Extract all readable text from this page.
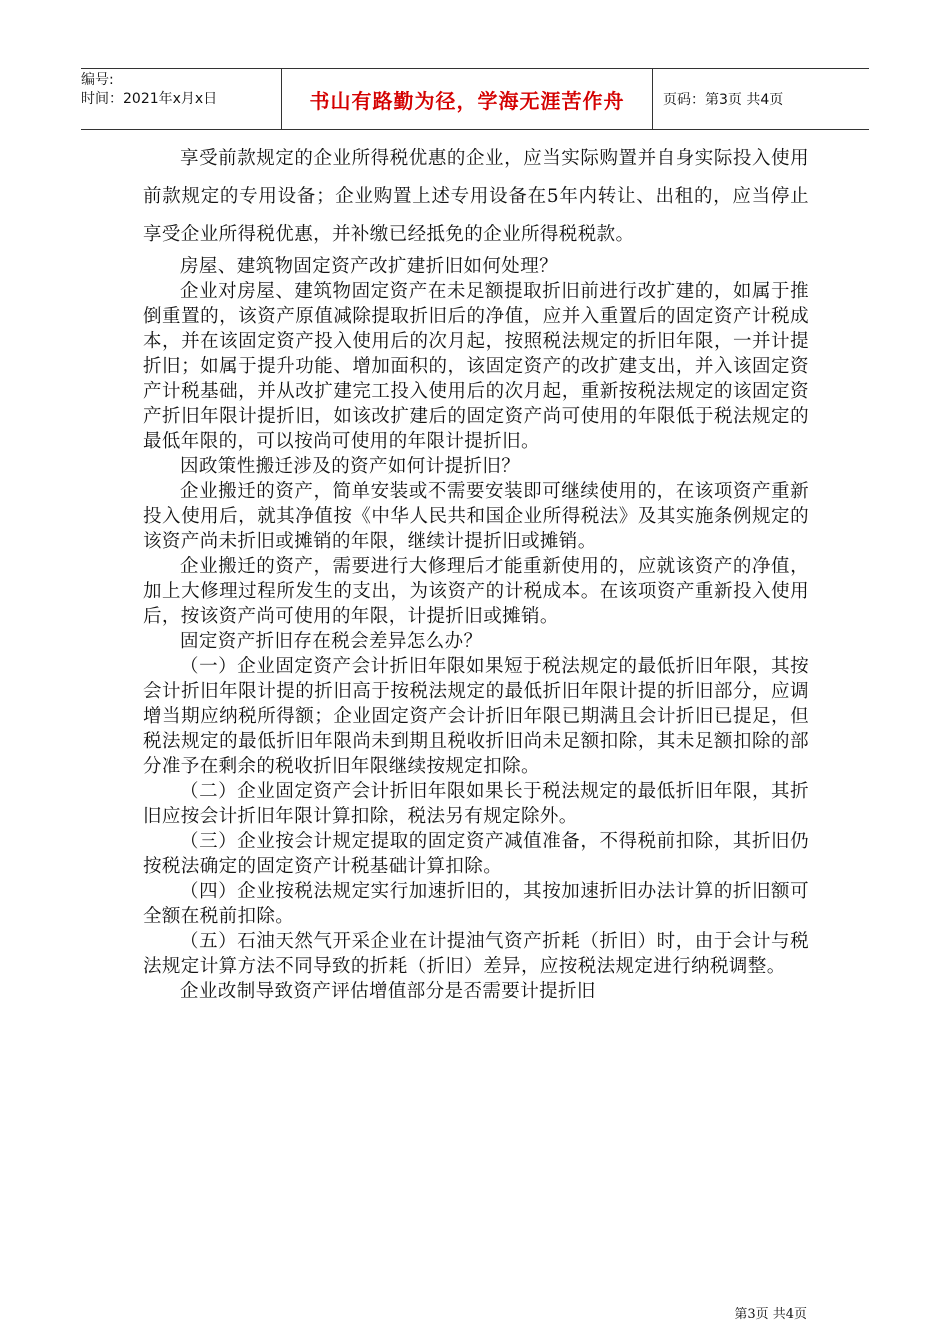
编号:
时间：2021年x月x日	书山有路勤为径，学海无涯苦作舟	页码：第3页 共4页

享受前款规定的企业所得税优惠的企业，应当实际购置并自身实际投入使用前款规定的专用设备；企业购置上述专用设备在5年内转让、出租的，应当停止享受企业所得税优惠，并补缴已经抵免的企业所得税税款。

房屋、建筑物固定资产改扩建折旧如何处理？

企业对房屋、建筑物固定资产在未足额提取折旧前进行改扩建的，如属于推倒重置的，该资产原值减除提取折旧后的净值，应并入重置后的固定资产计税成本，并在该固定资产投入使用后的次月起，按照税法规定的折旧年限，一并计提折旧；如属于提升功能、增加面积的，该固定资产的改扩建支出，并入该固定资产计税基础，并从改扩建完工投入使用后的次月起，重新按税法规定的该固定资产折旧年限计提折旧，如该改扩建后的固定资产尚可使用的年限低于税法规定的最低年限的，可以按尚可使用的年限计提折旧。

因政策性搬迁涉及的资产如何计提折旧？

企业搬迁的资产，简单安装或不需要安装即可继续使用的，在该项资产重新投入使用后，就其净值按《中华人民共和国企业所得税法》及其实施条例规定的该资产尚未折旧或摊销的年限，继续计提折旧或摊销。

企业搬迁的资产，需要进行大修理后才能重新使用的，应就该资产的净值，加上大修理过程所发生的支出，为该资产的计税成本。在该项资产重新投入使用后，按该资产尚可使用的年限，计提折旧或摊销。

固定资产折旧存在税会差异怎么办？

（一）企业固定资产会计折旧年限如果短于税法规定的最低折旧年限，其按会计折旧年限计提的折旧高于按税法规定的最低折旧年限计提的折旧部分，应调增当期应纳税所得额；企业固定资产会计折旧年限已期满且会计折旧已提足，但税法规定的最低折旧年限尚未到期且税收折旧尚未足额扣除，其未足额扣除的部分准予在剩余的税收折旧年限继续按规定扣除。

（二）企业固定资产会计折旧年限如果长于税法规定的最低折旧年限，其折旧应按会计折旧年限计算扣除，税法另有规定除外。

（三）企业按会计规定提取的固定资产减值准备，不得税前扣除，其折旧仍按税法确定的固定资产计税基础计算扣除。

（四）企业按税法规定实行加速折旧的，其按加速折旧办法计算的折旧额可全额在税前扣除。

（五）石油天然气开采企业在计提油气资产折耗（折旧）时，由于会计与税法规定计算方法不同导致的折耗（折旧）差异，应按税法规定进行纳税调整。

企业改制导致资产评估增值部分是否需要计提折旧

第3页 共4页
